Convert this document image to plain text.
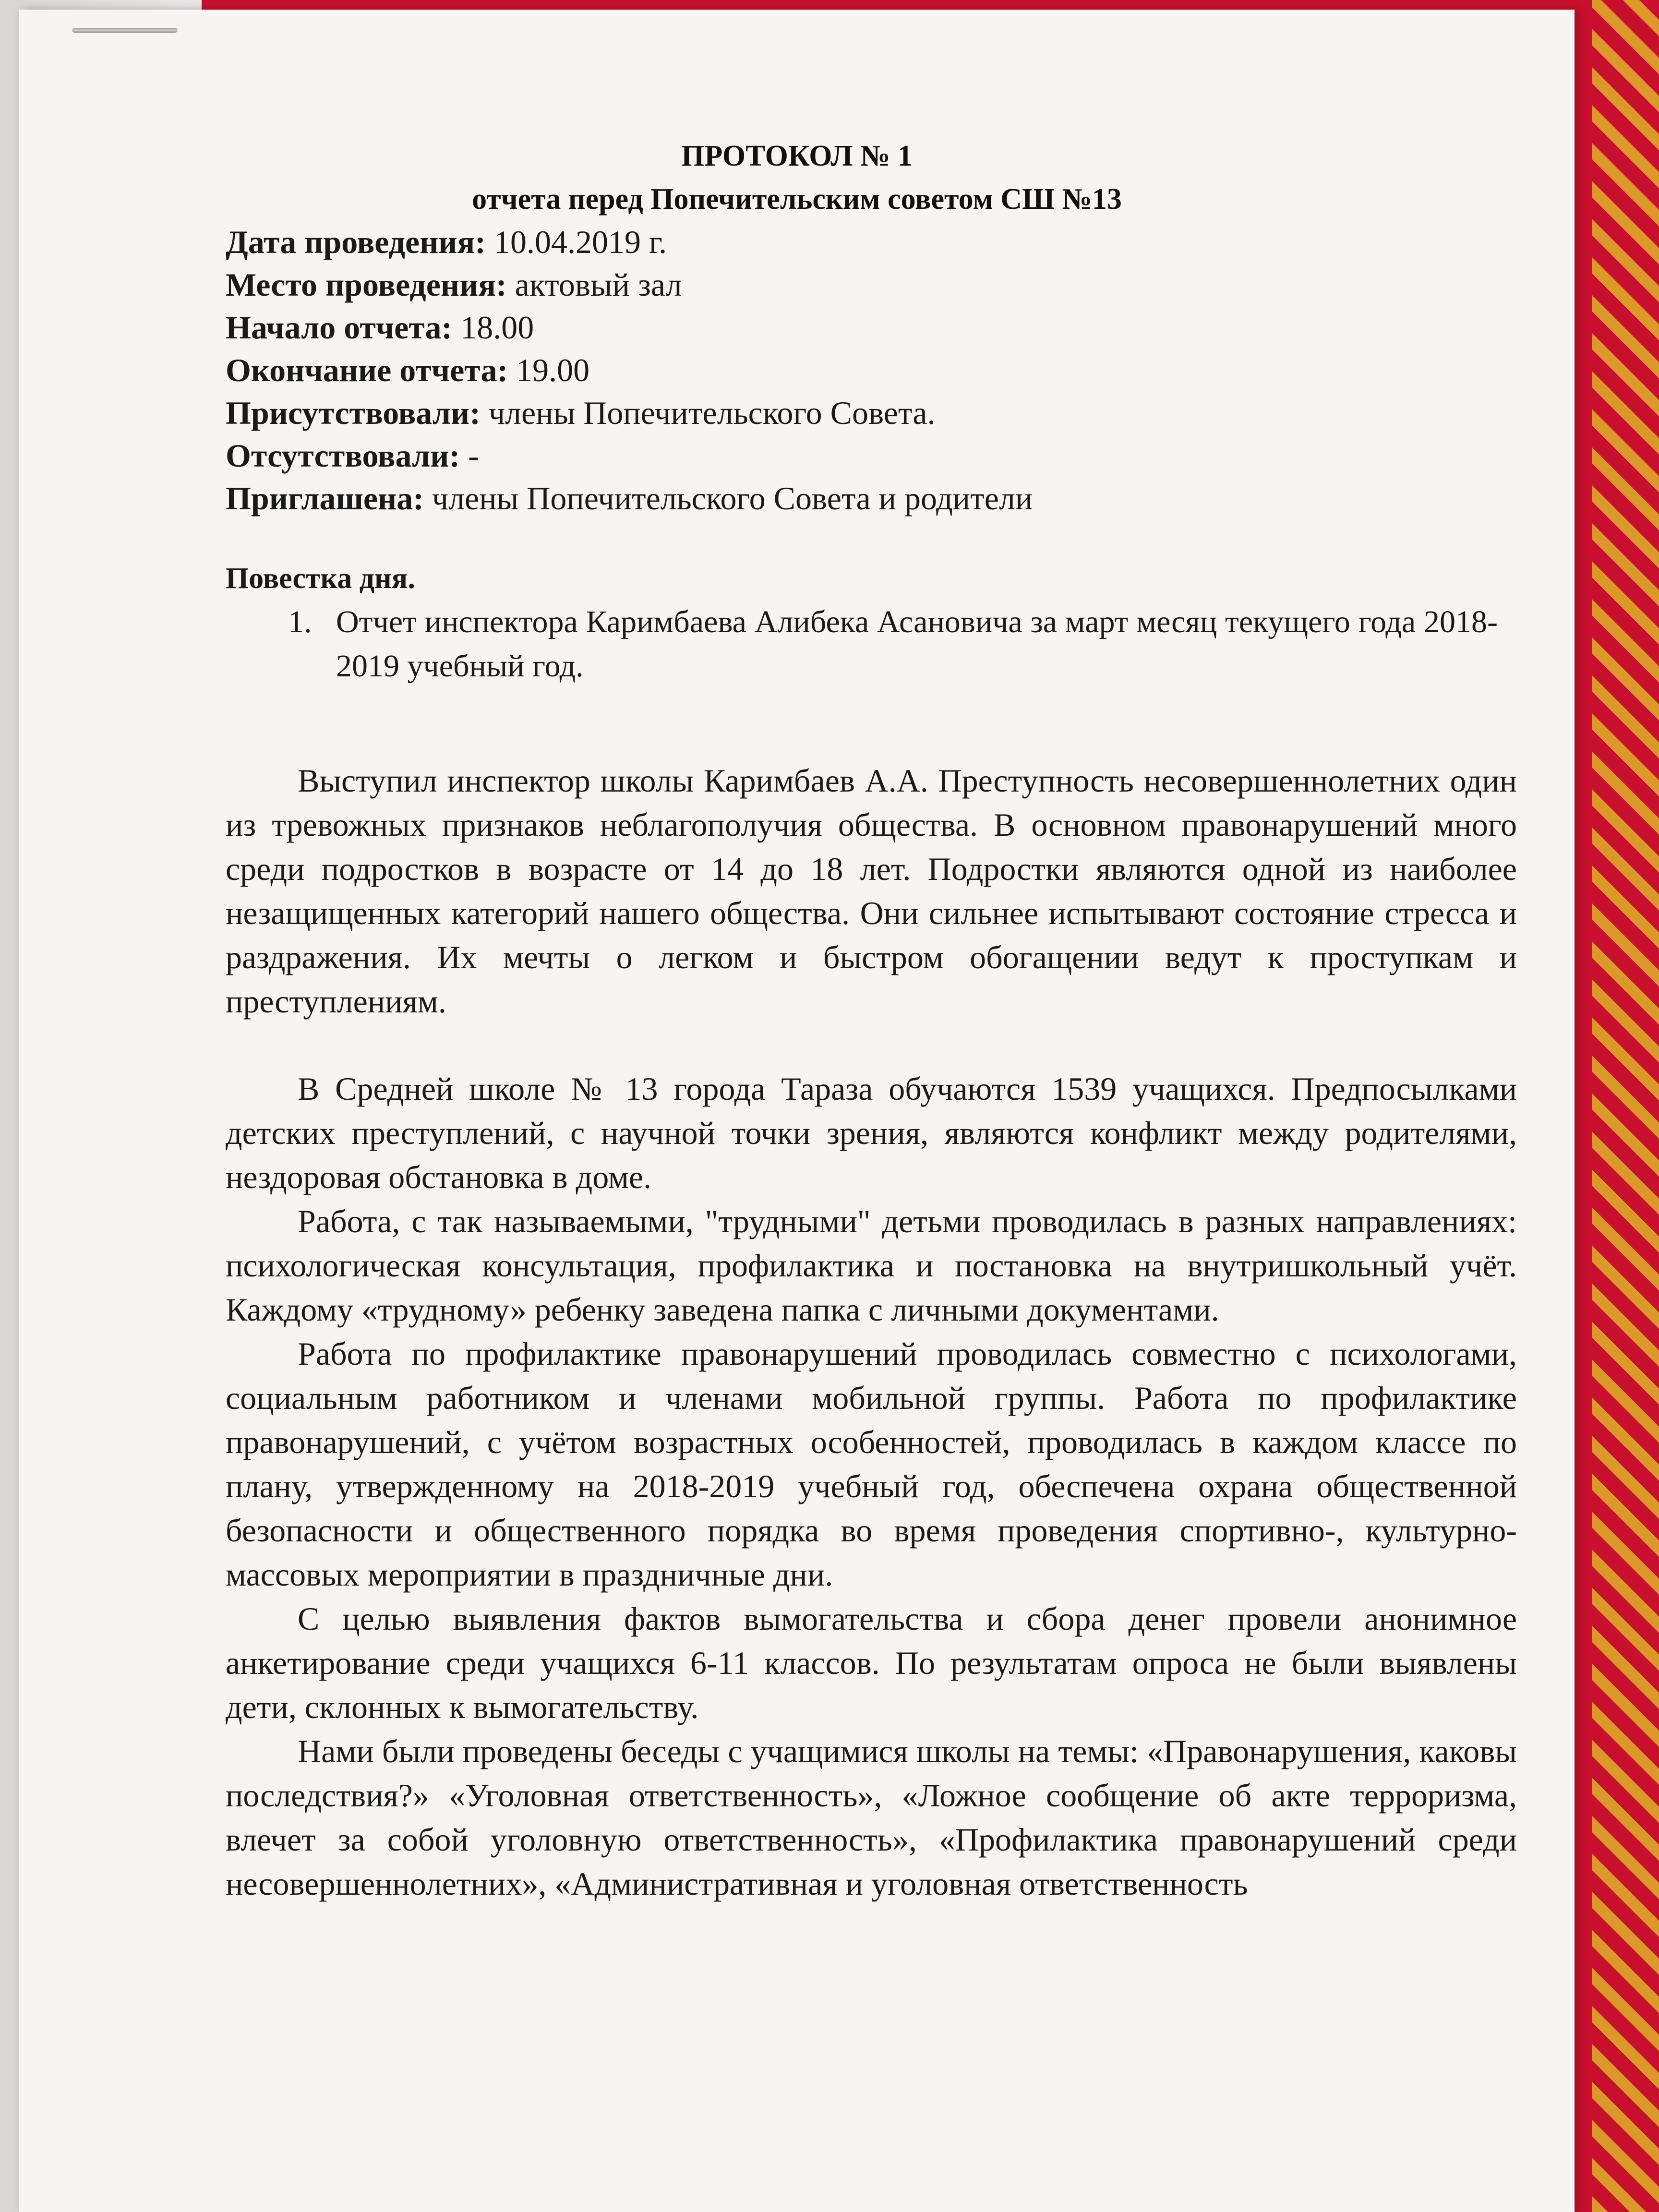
ПРОТОКОЛ № 1
отчета перед Попечительским советом СШ №13
Дата проведения: 10.04.2019 г.
Место проведения: актовый зал
Начало отчета: 18.00
Окончание отчета: 19.00
Присутствовали: члены Попечительского Совета.
Отсутствовали: -
Приглашена: члены Попечительского Совета и родители
Повестка дня.
1. Отчет инспектора Каримбаева Алибека Асановича за март месяц текущего года 2018-2019 учебный год.

Выступил инспектор школы Каримбаев А.А. Преступность несовершеннолетних один из тревожных признаков неблагополучия общества. В основном правонарушений много среди подростков в возрасте от 14 до 18 лет. Подростки являются одной из наиболее незащищенных категорий нашего общества. Они сильнее испытывают состояние стресса и раздражения. Их мечты о легком и быстром обогащении ведут к проступкам и преступлениям.

В Средней школе № 13 города Тараза обучаются 1539 учащихся. Предпосылками детских преступлений, с научной точки зрения, являются конфликт между родителями, нездоровая обстановка в доме.

Работа, с так называемыми, "трудными" детьми проводилась в разных направлениях: психологическая консультация, профилактика и постановка на внутришкольный учёт. Каждому «трудному» ребенку заведена папка с личными документами.

Работа по профилактике правонарушений проводилась совместно с психологами, социальным работником и членами мобильной группы. Работа по профилактике правонарушений, с учётом возрастных особенностей, проводилась в каждом классе по плану, утвержденному на 2018-2019 учебный год, обеспечена охрана общественной безопасности и общественного порядка во время проведения спортивно-, культурно-массовых мероприятии в праздничные дни.

С целью выявления фактов вымогательства и сбора денег провели анонимное анкетирование среди учащихся 6-11 классов. По результатам опроса не были выявлены дети, склонных к вымогательству.

Нами были проведены беседы с учащимися школы на темы: «Правонарушения, каковы последствия?» «Уголовная ответственность», «Ложное сообщение об акте терроризма, влечет за собой уголовную ответственность», «Профилактика правонарушений среди несовершеннолетних», «Административная и уголовная ответственность
